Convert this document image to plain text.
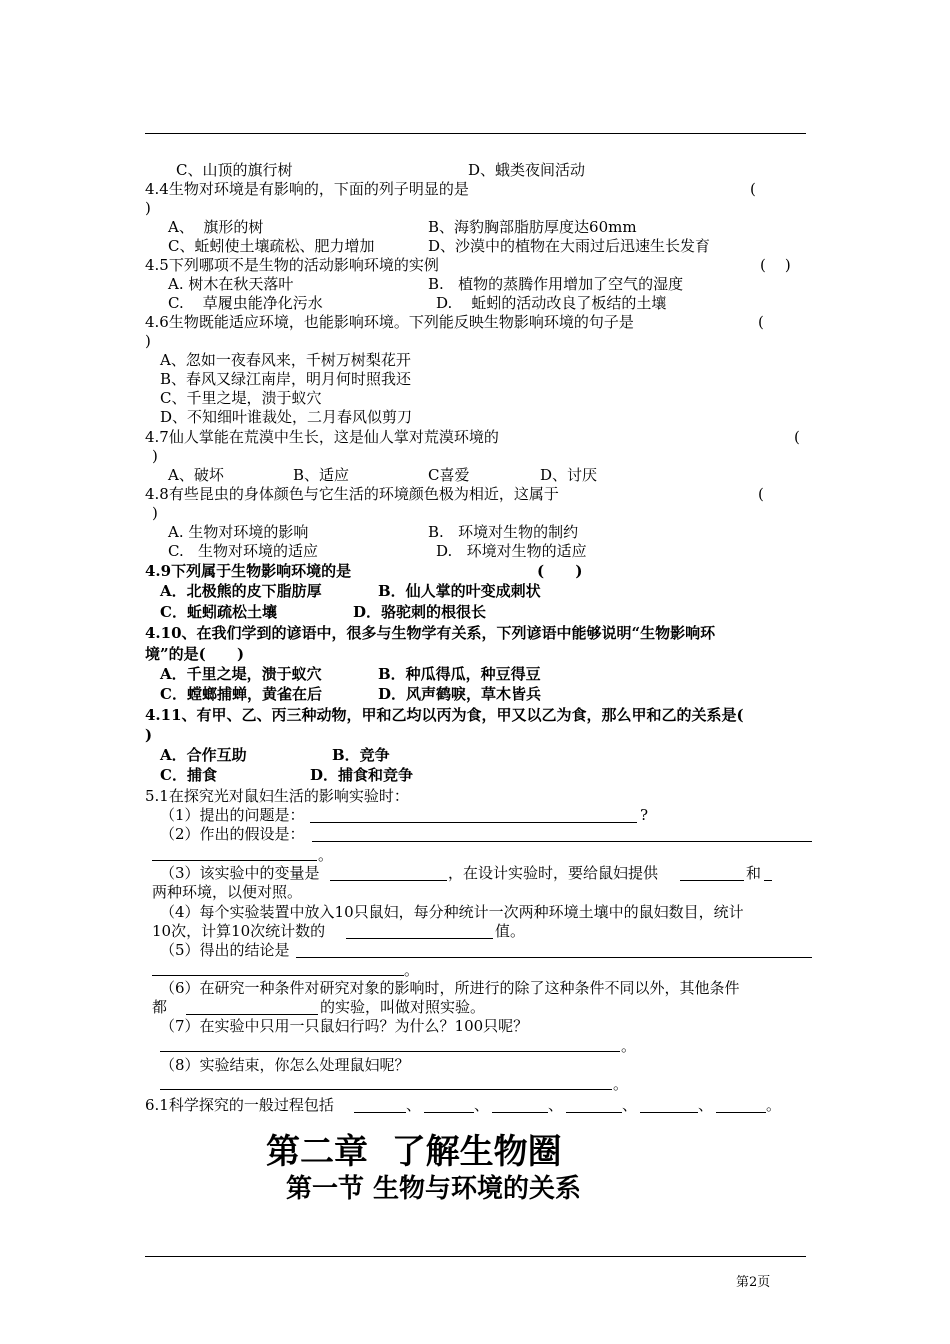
C、山顶的旗行树	D、蛾类夜间活动
4.4生物对环境是有影响的，下面的列子明显的是	(
)
A、  旗形的树	B、海豹胸部脂肪厚度达60mm
C、蚯蚓使土壤疏松、肥力增加	D、沙漠中的植物在大雨过后迅速生长发育
4.5下列哪项不是生物的活动影响环境的实例	(    )
A. 树木在秋天落叶	B.   植物的蒸腾作用增加了空气的湿度
C.    草履虫能净化污水	D.    蚯蚓的活动改良了板结的土壤
4.6生物既能适应环境，也能影响环境。下列能反映生物影响环境的句子是	(
)
A、忽如一夜春风来，千树万树梨花开
B、春风又绿江南岸，明月何时照我还
C、千里之堤，溃于蚁穴
D、不知细叶谁裁处，二月春风似剪刀
4.7仙人掌能在荒漠中生长，这是仙人掌对荒漠环境的	(
)
A、破坏	B、适应	C喜爱	D、讨厌
4.8有些昆虫的身体颜色与它生活的环境颜色极为相近，这属于	(
)
A. 生物对环境的影响	B.   环境对生物的制约
C.   生物对环境的适应	D.   环境对生物的适应
4.9下列属于生物影响环境的是	(      )
A．北极熊的皮下脂肪厚	B．仙人掌的叶变成刺状
C．蚯蚓疏松土壤	D．骆驼刺的根很长
4.10、在我们学到的谚语中，很多与生物学有关系，下列谚语中能够说明“生物影响环
境”的是(      )
A．千里之堤，溃于蚁穴	B．种瓜得瓜，种豆得豆
C．螳螂捕蝉，黄雀在后	D．风声鹤唳，草木皆兵
4.11、有甲、乙、丙三种动物，甲和乙均以丙为食，甲又以乙为食，那么甲和乙的关系是(
)
A．合作互助	B．竞争
C．捕食	D．捕食和竞争
5.1在探究光对鼠妇生活的影响实验时：
（1）提出的问题是：	?
（2）作出的假设是：
。
（3）该实验中的变量是	，在设计实验时，要给鼠妇提供	和
两种环境，以便对照。
（4）每个实验装置中放入10只鼠妇，每分种统计一次两种环境土壤中的鼠妇数目，统计
10次，计算10次统计数的	值。
（5）得出的结论是
。
（6）在研究一种条件对研究对象的影响时，所进行的除了这种条件不同以外，其他条件
都	的实验，叫做对照实验。
（7）在实验中只用一只鼠妇行吗？为什么？100只呢？
。
（8）实验结束，你怎么处理鼠妇呢？
。
6.1科学探究的一般过程包括	、	、	、	、	、	。
第二章  了解生物圈
第一节 生物与环境的关系
第2页
